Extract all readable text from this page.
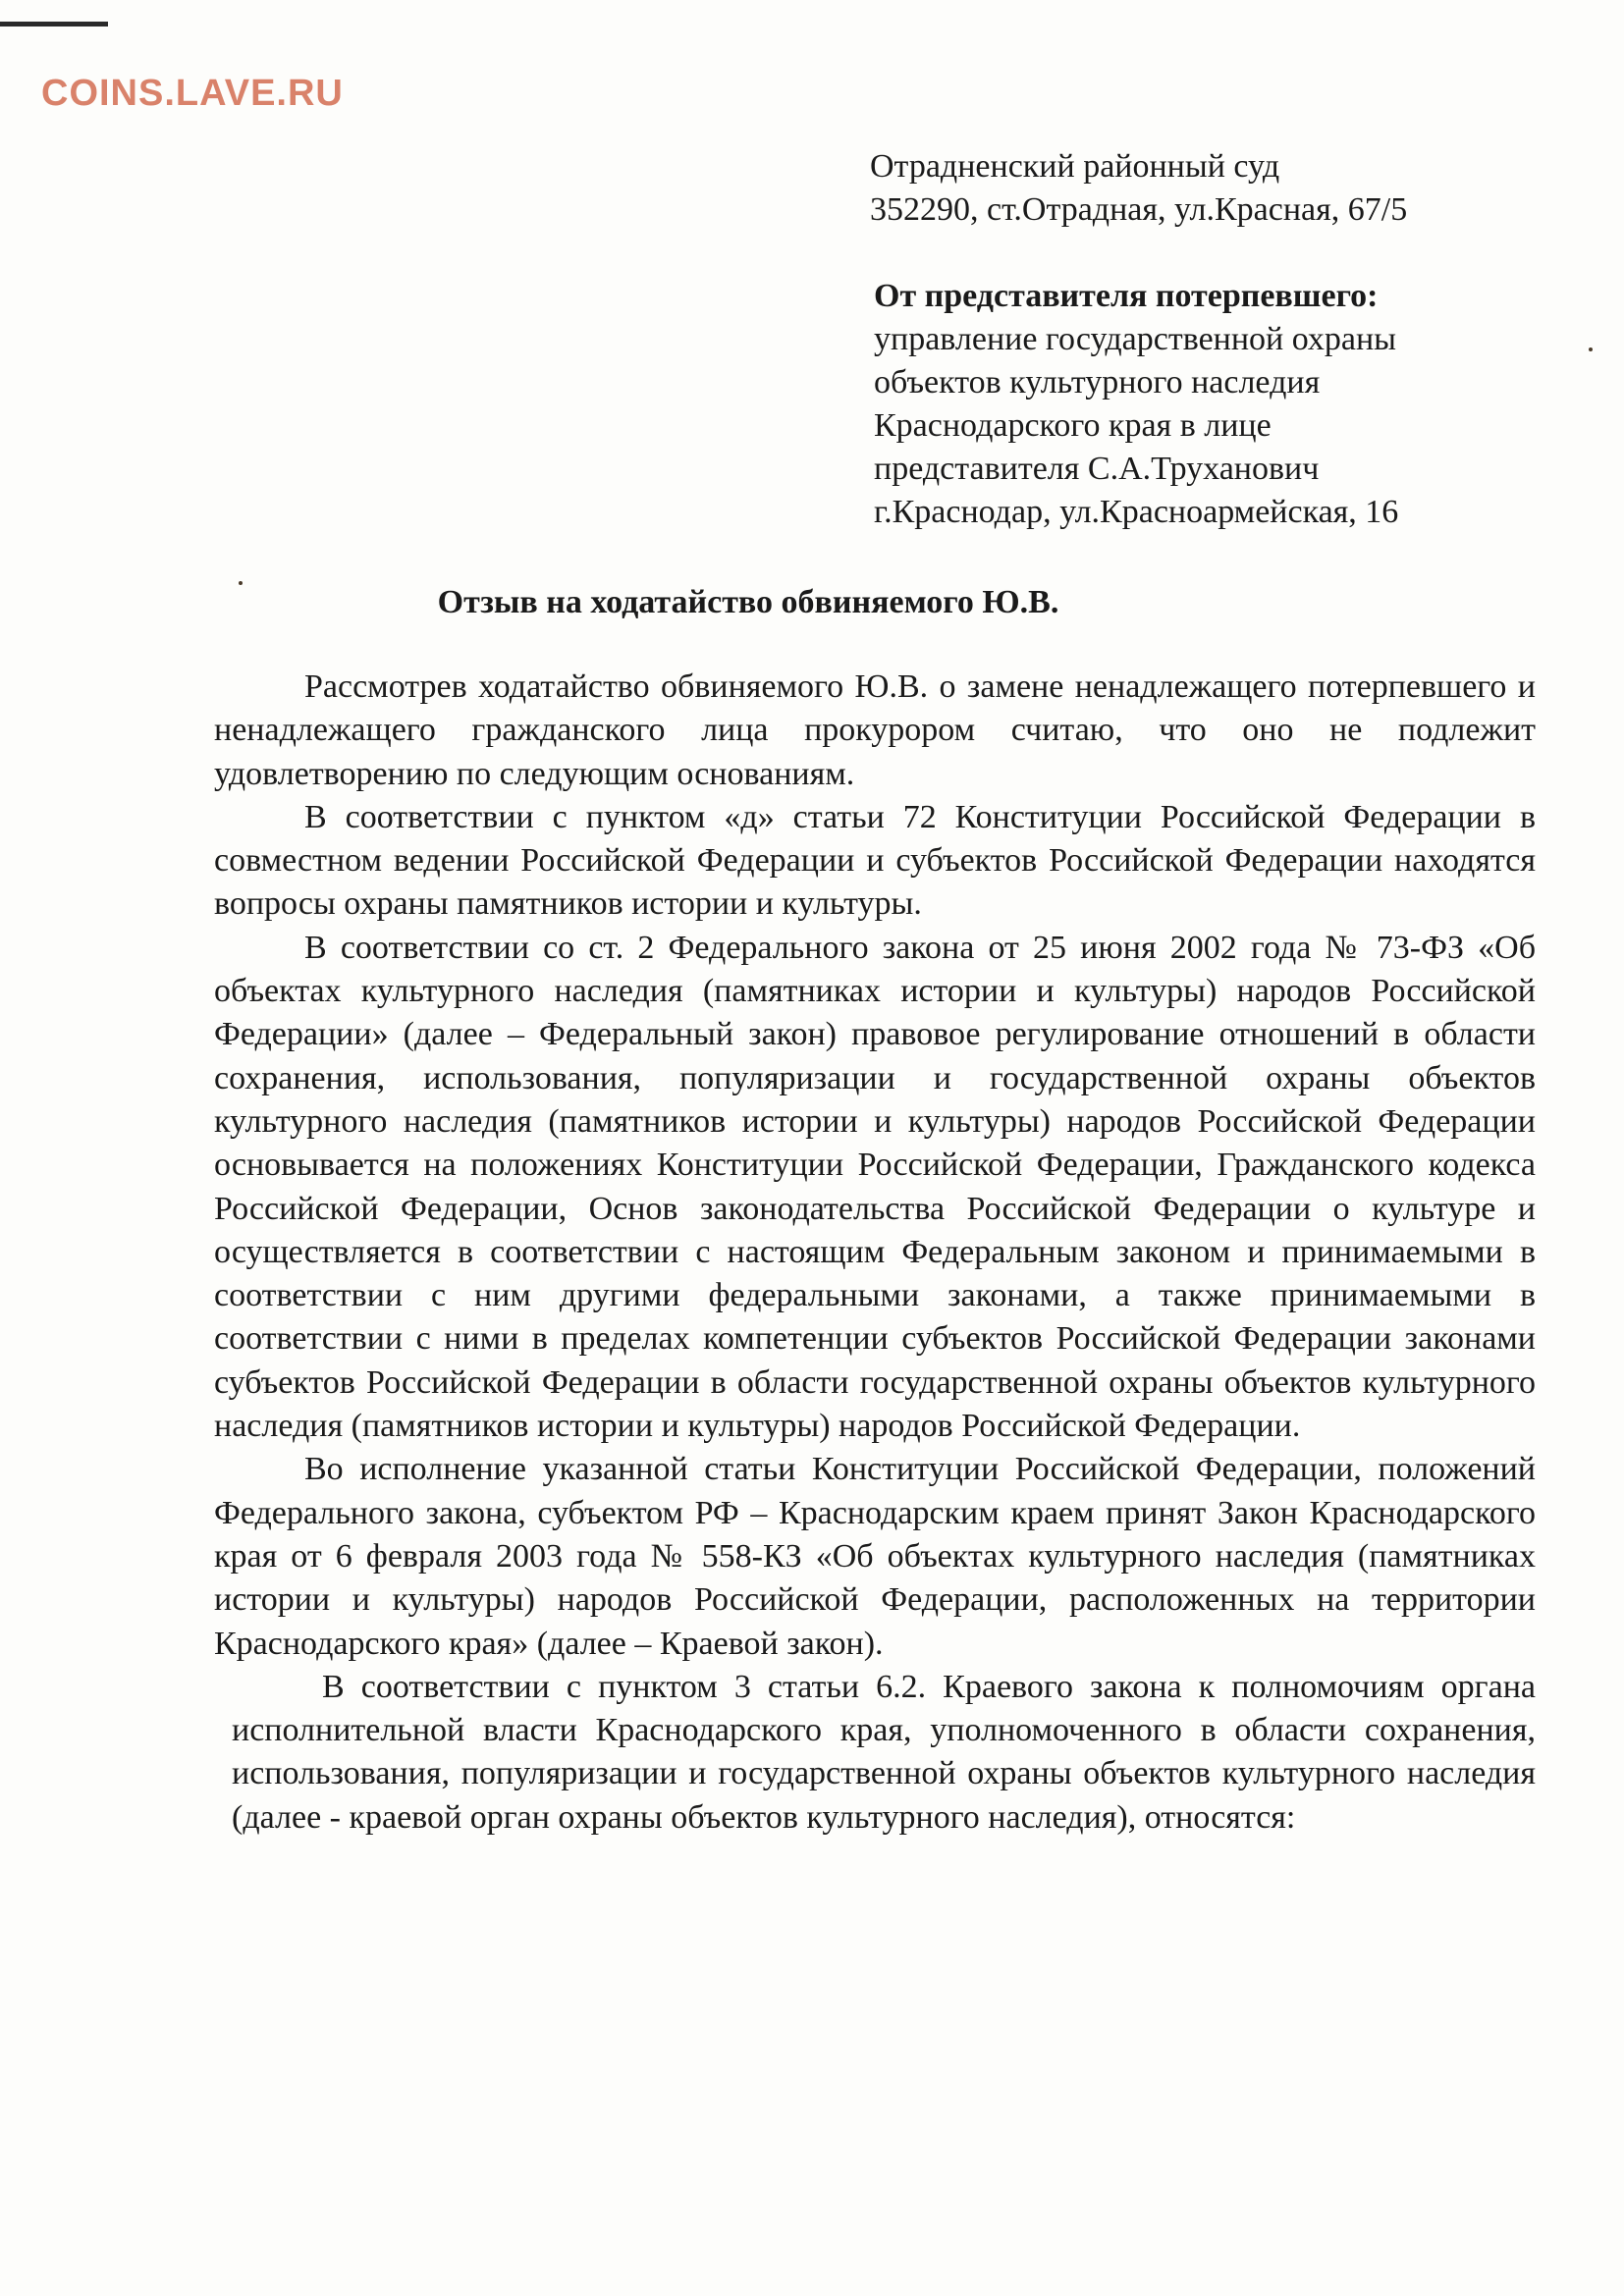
COINS.LAVE.RU
Отрадненский районный суд
352290, ст.Отрадная, ул.Красная, 67/5
От представителя потерпевшего:
управление государственной охраны
объектов культурного наследия
Краснодарского края в лице
представителя С.А.Труханович
г.Краснодар, ул.Красноармейская, 16
Отзыв на ходатайство обвиняемого Ю.В.

Рассмотрев ходатайство обвиняемого Ю.В. о замене ненадлежащего потерпевшего и ненадлежащего гражданского лица прокурором считаю, что оно не подлежит удовлетворению по следующим основаниям.

В соответствии с пунктом «д» статьи 72 Конституции Российской Федерации в совместном ведении Российской Федерации и субъектов Российской Федерации находятся вопросы охраны памятников истории и культуры.

В соответствии со ст. 2 Федерального закона от 25 июня 2002 года № 73-ФЗ «Об объектах культурного наследия (памятниках истории и культуры) народов Российской Федерации» (далее – Федеральный закон) правовое регулирование отношений в области сохранения, использования, популяризации и государственной охраны объектов культурного наследия (памятников истории и культуры) народов Российской Федерации основывается на положениях Конституции Российской Федерации, Гражданского кодекса Российской Федерации, Основ законодательства Российской Федерации о культуре и осуществляется в соответствии с настоящим Федеральным законом и принимаемыми в соответствии с ним другими федеральными законами, а также принимаемыми в соответствии с ними в пределах компетенции субъектов Российской Федерации законами субъектов Российской Федерации в области государственной охраны объектов культурного наследия (памятников истории и культуры) народов Российской Федерации.

Во исполнение указанной статьи Конституции Российской Федерации, положений Федерального закона, субъектом РФ – Краснодарским краем принят Закон Краснодарского края от 6 февраля 2003 года № 558-КЗ «Об объектах культурного наследия (памятниках истории и культуры) народов Российской Федерации, расположенных на территории Краснодарского края» (далее – Краевой закон).

В соответствии с пунктом 3 статьи 6.2. Краевого закона к полномочиям органа исполнительной власти Краснодарского края, уполномоченного в области сохранения, использования, популяризации и государственной охраны объектов культурного наследия (далее - краевой орган охраны объектов культурного наследия), относятся:
